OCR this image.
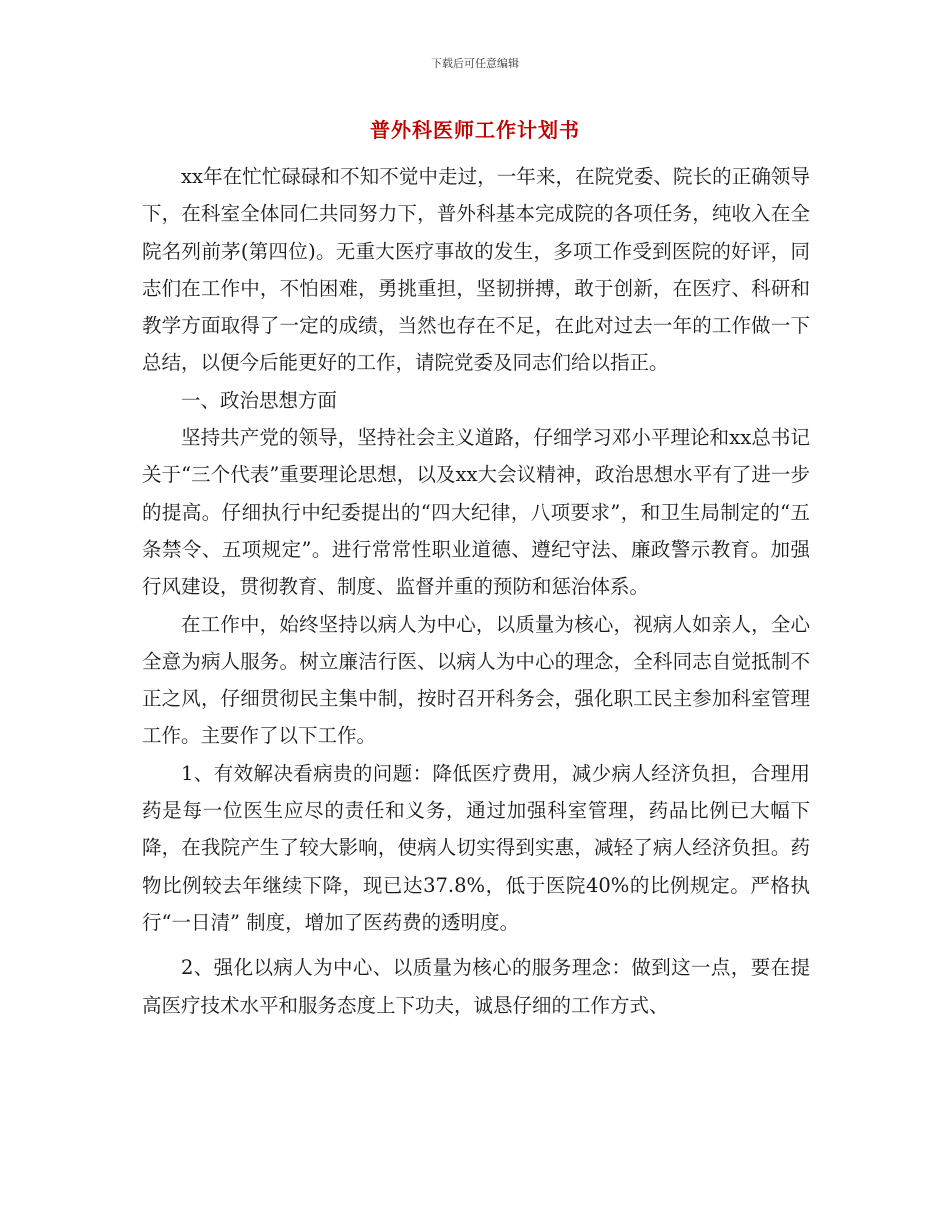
下载后可任意编辑
普外科医师工作计划书

xx年在忙忙碌碌和不知不觉中走过，一年来，在院党委、院长的正确领导下，在科室全体同仁共同努力下，普外科基本完成院的各项任务，纯收入在全院名列前茅(第四位)。无重大医疗事故的发生，多项工作受到医院的好评，同志们在工作中，不怕困难，勇挑重担，坚韧拼搏，敢于创新，在医疗、科研和教学方面取得了一定的成绩，当然也存在不足，在此对过去一年的工作做一下总结，以便今后能更好的工作，请院党委及同志们给以指正。

一、政治思想方面

坚持共产党的领导，坚持社会主义道路，仔细学习邓小平理论和xx总书记关于“三个代表”重要理论思想，以及xx大会议精神，政治思想水平有了进一步的提高。仔细执行中纪委提出的“四大纪律，八项要求”，和卫生局制定的“五条禁令、五项规定”。进行常常性职业道德、遵纪守法、廉政警示教育。加强行风建设，贯彻教育、制度、监督并重的预防和惩治体系。

在工作中，始终坚持以病人为中心，以质量为核心，视病人如亲人，全心全意为病人服务。树立廉洁行医、以病人为中心的理念，全科同志自觉抵制不正之风，仔细贯彻民主集中制，按时召开科务会，强化职工民主参加科室管理工作。主要作了以下工作。

1、有效解决看病贵的问题：降低医疗费用，减少病人经济负担，合理用药是每一位医生应尽的责任和义务，通过加强科室管理，药品比例已大幅下降，在我院产生了较大影响，使病人切实得到实惠，减轻了病人经济负担。药物比例较去年继续下降，现已达37.8%，低于医院40%的比例规定。严格执行“一日清” 制度，增加了医药费的透明度。

2、强化以病人为中心、以质量为核心的服务理念：做到这一点，要在提高医疗技术水平和服务态度上下功夫，诚恳仔细的工作方式、
